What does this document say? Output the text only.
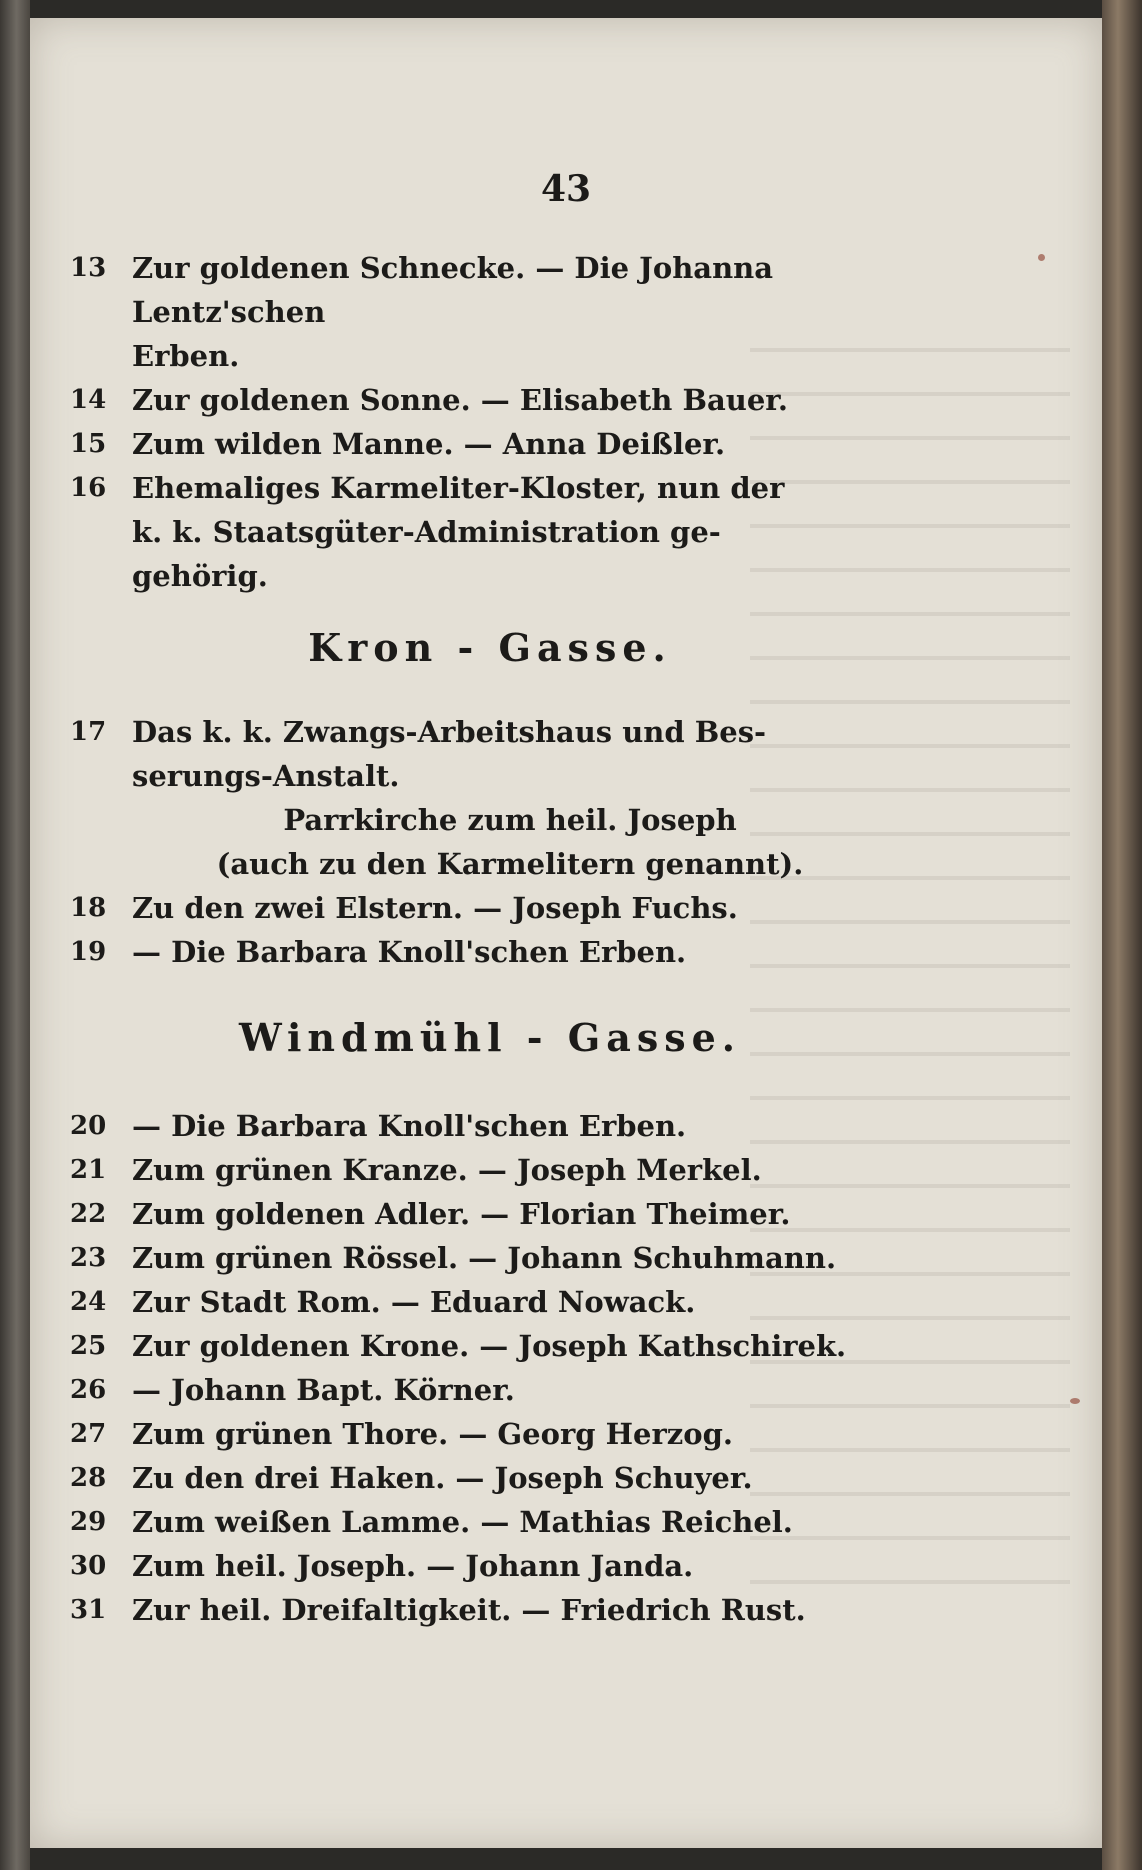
43
13 Zur goldenen Schnecke. — Die Johanna Lentz'schen
Erben.
14 Zur goldenen Sonne. — Elisabeth Bauer.
15 Zum wilden Manne. — Anna Deißler.
16 Ehemaliges Karmeliter-Kloster, nun der
k. k. Staatsgüter-Administration ge-
gehörig.
Kron - Gasse.
17 Das k. k. Zwangs-Arbeitshaus und Bes-
serungs-Anstalt.
Parrkirche zum heil. Joseph
(auch zu den Karmelitern genannt).
18 Zu den zwei Elstern. — Joseph Fuchs.
19 — Die Barbara Knoll'schen Erben.
Windmühl - Gasse.
20 — Die Barbara Knoll'schen Erben.
21 Zum grünen Kranze. — Joseph Merkel.
22 Zum goldenen Adler. — Florian Theimer.
23 Zum grünen Rössel. — Johann Schuhmann.
24 Zur Stadt Rom. — Eduard Nowack.
25 Zur goldenen Krone. — Joseph Kathschirek.
26 — Johann Bapt. Körner.
27 Zum grünen Thore. — Georg Herzog.
28 Zu den drei Haken. — Joseph Schuyer.
29 Zum weißen Lamme. — Mathias Reichel.
30 Zum heil. Joseph. — Johann Janda.
31 Zur heil. Dreifaltigkeit. — Friedrich Rust.
